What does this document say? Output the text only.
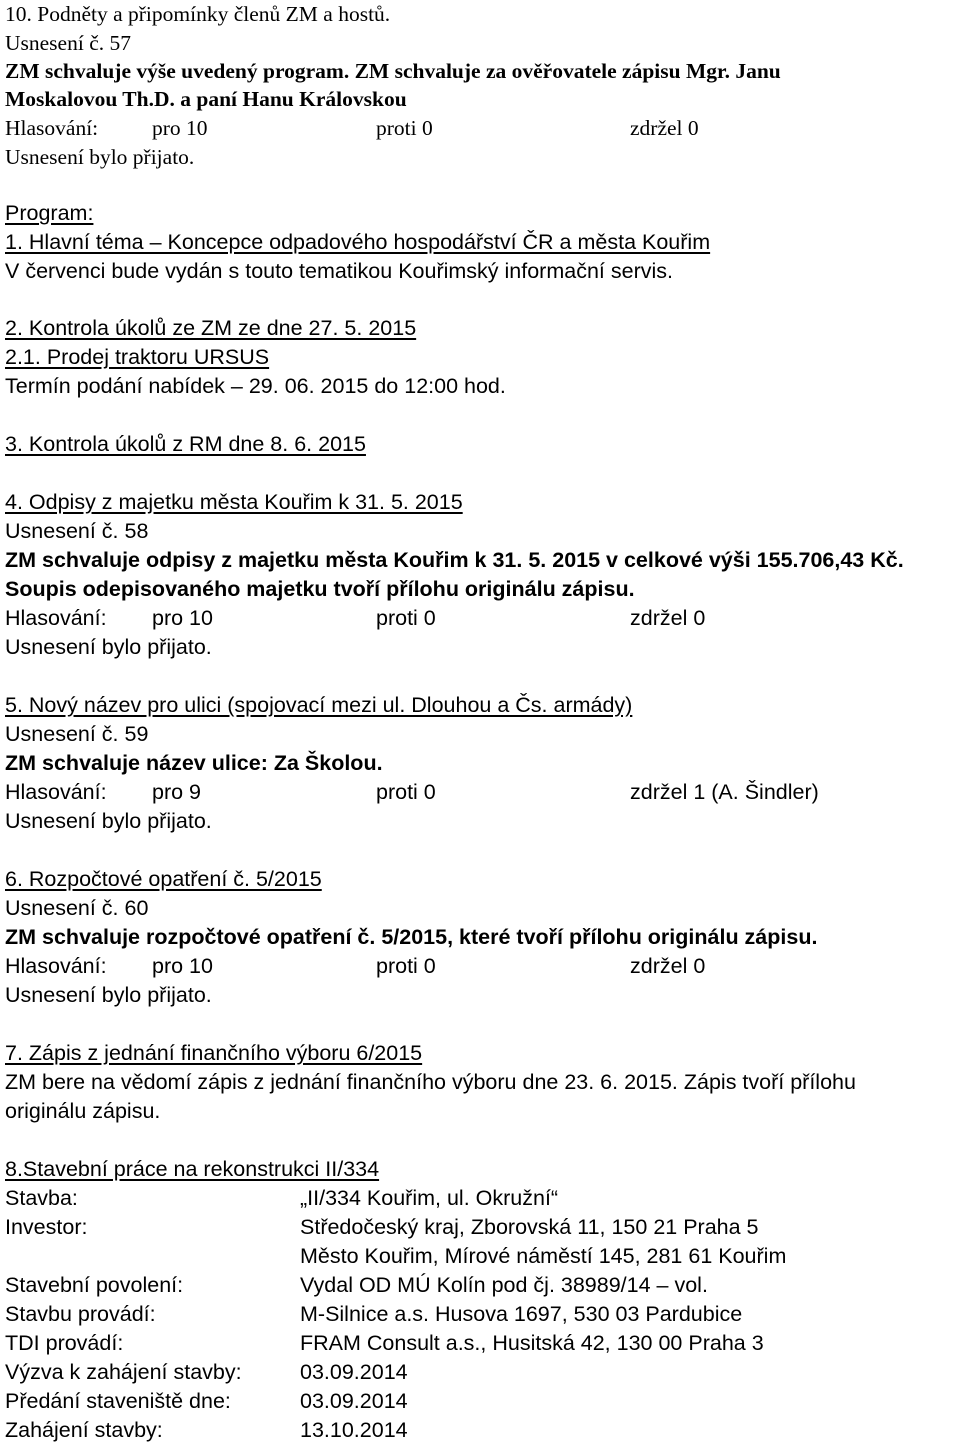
10. Podněty a připomínky členů ZM a hostů.
Usnesení č. 57
ZM schvaluje výše uvedený program. ZM schvaluje za ověřovatele zápisu Mgr. Janu
Moskalovou Th.D. a paní Hanu Královskou
Hlasování:	pro 10	proti 0	zdržel 0
Usnesení bylo přijato.
Program:
1. Hlavní téma – Koncepce odpadového hospodářství ČR a města Kouřim
V červenci bude vydán s touto tematikou Kouřimský informační servis.
2. Kontrola úkolů ze ZM ze dne 27. 5. 2015
2.1. Prodej traktoru URSUS
Termín podání nabídek – 29. 06. 2015 do 12:00 hod.
3. Kontrola úkolů z RM dne 8. 6. 2015
4. Odpisy z majetku města Kouřim k 31. 5. 2015
Usnesení č. 58
ZM schvaluje odpisy z majetku města Kouřim k 31. 5. 2015 v celkové výši 155.706,43 Kč.
Soupis odepisovaného majetku tvoří přílohu originálu zápisu.
Hlasování: pro 10	proti 0	zdržel 0
Usnesení bylo přijato.
5. Nový název pro ulici (spojovací mezi ul. Dlouhou a Čs. armády)
Usnesení č. 59
ZM schvaluje název ulice: Za Školou.
Hlasování: pro 9	proti 0	zdržel 1 (A. Šindler)
Usnesení bylo přijato.
6. Rozpočtové opatření č. 5/2015
Usnesení č. 60
ZM schvaluje rozpočtové opatření č. 5/2015, které tvoří přílohu originálu zápisu.
Hlasování: pro 10	proti 0	zdržel 0
Usnesení bylo přijato.
7. Zápis z jednání finančního výboru 6/2015
ZM bere na vědomí zápis z jednání finančního výboru dne 23. 6. 2015. Zápis tvoří přílohu
originálu zápisu.
8.Stavební práce na rekonstrukci II/334
Stavba:	„II/334 Kouřim, ul. Okružní“
Investor:	Středočeský kraj, Zborovská 11, 150 21 Praha 5
Město Kouřim, Mírové náměstí 145, 281 61 Kouřim
Stavební povolení:	Vydal OD MÚ Kolín pod čj. 38989/14 – vol.
Stavbu provádí:	M-Silnice a.s. Husova 1697, 530 03 Pardubice
TDI provádí:	FRAM Consult a.s., Husitská 42, 130 00 Praha 3
Výzva k zahájení stavby:	03.09.2014
Předání staveniště dne:	03.09.2014
Zahájení stavby:	13.10.2014
